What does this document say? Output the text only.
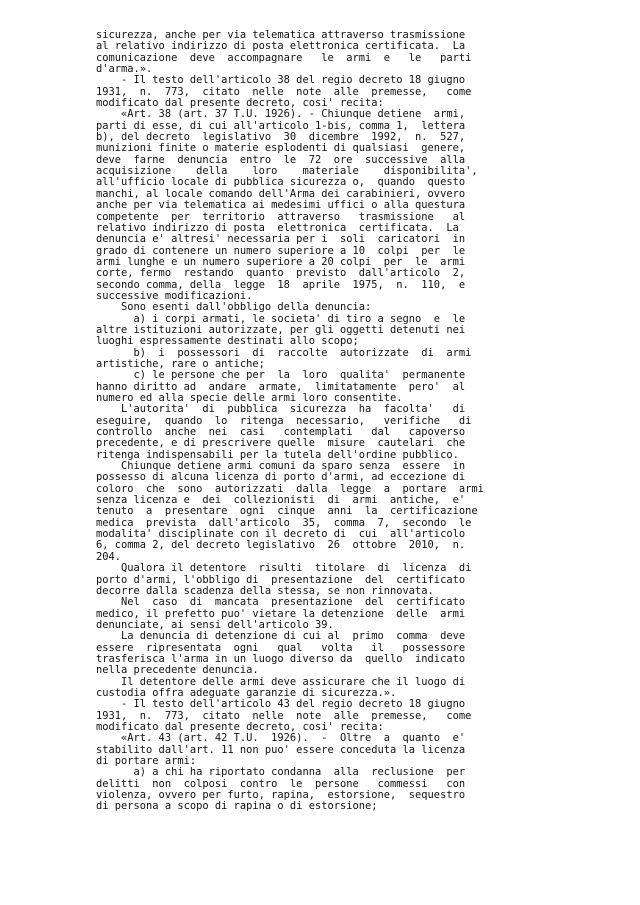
sicurezza, anche per via telematica attraverso trasmissione
al relativo indirizzo di posta elettronica certificata.  La
comunicazione  deve  accompagnare   le  armi  e   le   parti
d'arma.».
- Il testo dell'articolo 38 del regio decreto 18 giugno
1931,  n.  773,  citato  nelle  note  alle  premesse,   come
modificato dal presente decreto, cosi' recita:
«Art. 38 (art. 37 T.U. 1926). - Chiunque detiene  armi,
parti di esse, di cui all'articolo 1-bis, comma 1,  lettera
b), del decreto  legislativo  30  dicembre  1992,  n.  527,
munizioni finite o materie esplodenti di qualsiasi  genere,
deve  farne  denuncia  entro  le  72  ore  successive  alla
acquisizione    della    loro    materiale    disponibilita',
all'ufficio locale di pubblica sicurezza o,  quando  questo
manchi, al locale comando dell'Arma dei carabinieri, ovvero
anche per via telematica ai medesimi uffici o alla questura
competente  per  territorio  attraverso   trasmissione   al
relativo indirizzo di posta  elettronica  certificata.  La
denuncia e' altresi' necessaria per i  soli  caricatori  in
grado di contenere un numero superiore a 10  colpi  per  le
armi lunghe e un numero superiore a 20 colpi  per  le  armi
corte, fermo  restando  quanto  previsto  dall'articolo  2,
secondo comma, della  legge  18  aprile  1975,  n.  110,  e
successive modificazioni.
Sono esenti dall'obbligo della denuncia:
a) i corpi armati, le societa' di tiro a segno  e  le
altre istituzioni autorizzate, per gli oggetti detenuti nei
luoghi espressamente destinati allo scopo;
b)  i  possessori  di  raccolte  autorizzate  di  armi
artistiche, rare o antiche;
c) le persone che per  la  loro  qualita'  permanente
hanno diritto ad  andare  armate,  limitatamente  pero'  al
numero ed alla specie delle armi loro consentite.
L'autorita'  di  pubblica  sicurezza  ha  facolta'   di
eseguire,  quando  lo  ritenga  necessario,   verifiche   di
controllo  anche  nei  casi   contemplati   dal   capoverso
precedente, e di prescrivere quelle  misure  cautelari  che
ritenga indispensabili per la tutela dell'ordine pubblico.
Chiunque detiene armi comuni da sparo senza  essere  in
possesso di alcuna licenza di porto d'armi, ad eccezione di
coloro  che  sono  autorizzati  dalla  legge  a  portare  armi
senza licenza e  dei  collezionisti  di  armi  antiche,  e'
tenuto  a  presentare  ogni  cinque  anni  la  certificazione
medica  prevista  dall'articolo  35,  comma  7,  secondo  le
modalita' disciplinate con il decreto di  cui  all'articolo
6, comma 2, del decreto legislativo  26  ottobre  2010,  n.
204.
Qualora il detentore  risulti  titolare  di  licenza  di
porto d'armi, l'obbligo di  presentazione  del  certificato
decorre dalla scadenza della stessa, se non rinnovata.
Nel  caso  di  mancata  presentazione  del  certificato
medico, il prefetto puo' vietare la detenzione  delle  armi
denunciate, ai sensi dell'articolo 39.
La denuncia di detenzione di cui al  primo  comma  deve
essere  ripresentata  ogni   qual   volta   il   possessore
trasferisca l'arma in un luogo diverso da  quello  indicato
nella precedente denuncia.
Il detentore delle armi deve assicurare che il luogo di
custodia offra adeguate garanzie di sicurezza.».
- Il testo dell'articolo 43 del regio decreto 18 giugno
1931,  n.  773,  citato  nelle  note  alle  premesse,   come
modificato dal presente decreto, cosi' recita:
«Art. 43 (art. 42 T.U.  1926).  -  Oltre  a  quanto  e'
stabilito dall'art. 11 non puo' essere conceduta la licenza
di portare armi:
a) a chi ha riportato condanna  alla  reclusione  per
delitti  non  colposi  contro  le  persone   commessi   con
violenza, ovvero per furto, rapina,  estorsione,  sequestro
di persona a scopo di rapina o di estorsione;
